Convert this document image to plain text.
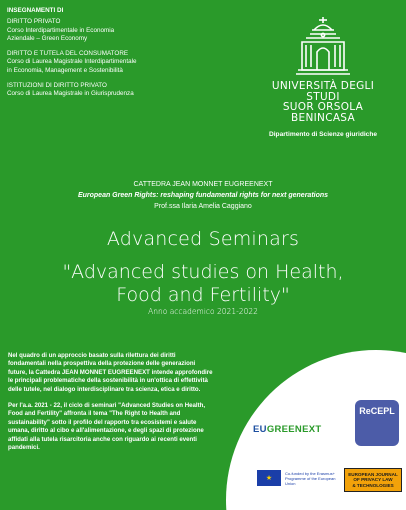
INSEGNAMENTI DI
DIRITTO PRIVATO
Corso Interdipartimentale in Economia
Aziendale – Green Economy
DIRITTO E TUTELA DEL CONSUMATORE
Corso di Laurea Magistrale Interdipartimentale
in Economia, Management e Sostenibilità
ISTITUZIONI DI DIRITTO PRIVATO
Corso di Laurea Magistrale in Giurisprudenza
UNIVERSITÀ DEGLI STUDI
SUOR ORSOLA
BENINCASA
Dipartimento di Scienze giuridiche
CATTEDRA JEAN MONNET EUGREENEXT
European Green Rights: reshaping fundamental rights for next generations
Prof.ssa Ilaria Amelia Caggiano
Advanced Seminars
"Advanced studies on Health,
Food and Fertility"
Anno accademico 2021-2022

Nel quadro di un approccio basato sulla rilettura dei diritti fondamentali nella prospettiva della protezione delle generazioni future, la Cattedra JEAN MONNET EUGREENEXT intende approfondire le principali problematiche della sostenibilità in un'ottica di effettività delle tutele, nel dialogo interdisciplinare tra scienza, etica e diritto.

Per l'a.a. 2021 - 22, il ciclo di seminari "Advanced Studies on Health, Food and Fertility" affronta il tema "The Right to Health and sustainability" sotto il profilo del rapporto tra ecosistemi e salute umana, diritto al cibo e all'alimentazione, e degli spazi di protezione affidati alla tutela risarcitoria anche con riguardo ai recenti eventi pandemici.

EUGREENEXT
ReCEPL
★
Co-funded by the Erasmus+ Programme of the European Union
EUROPEAN JOURNAL
OF PRIVACY LAW
& TECHNOLOGIES
